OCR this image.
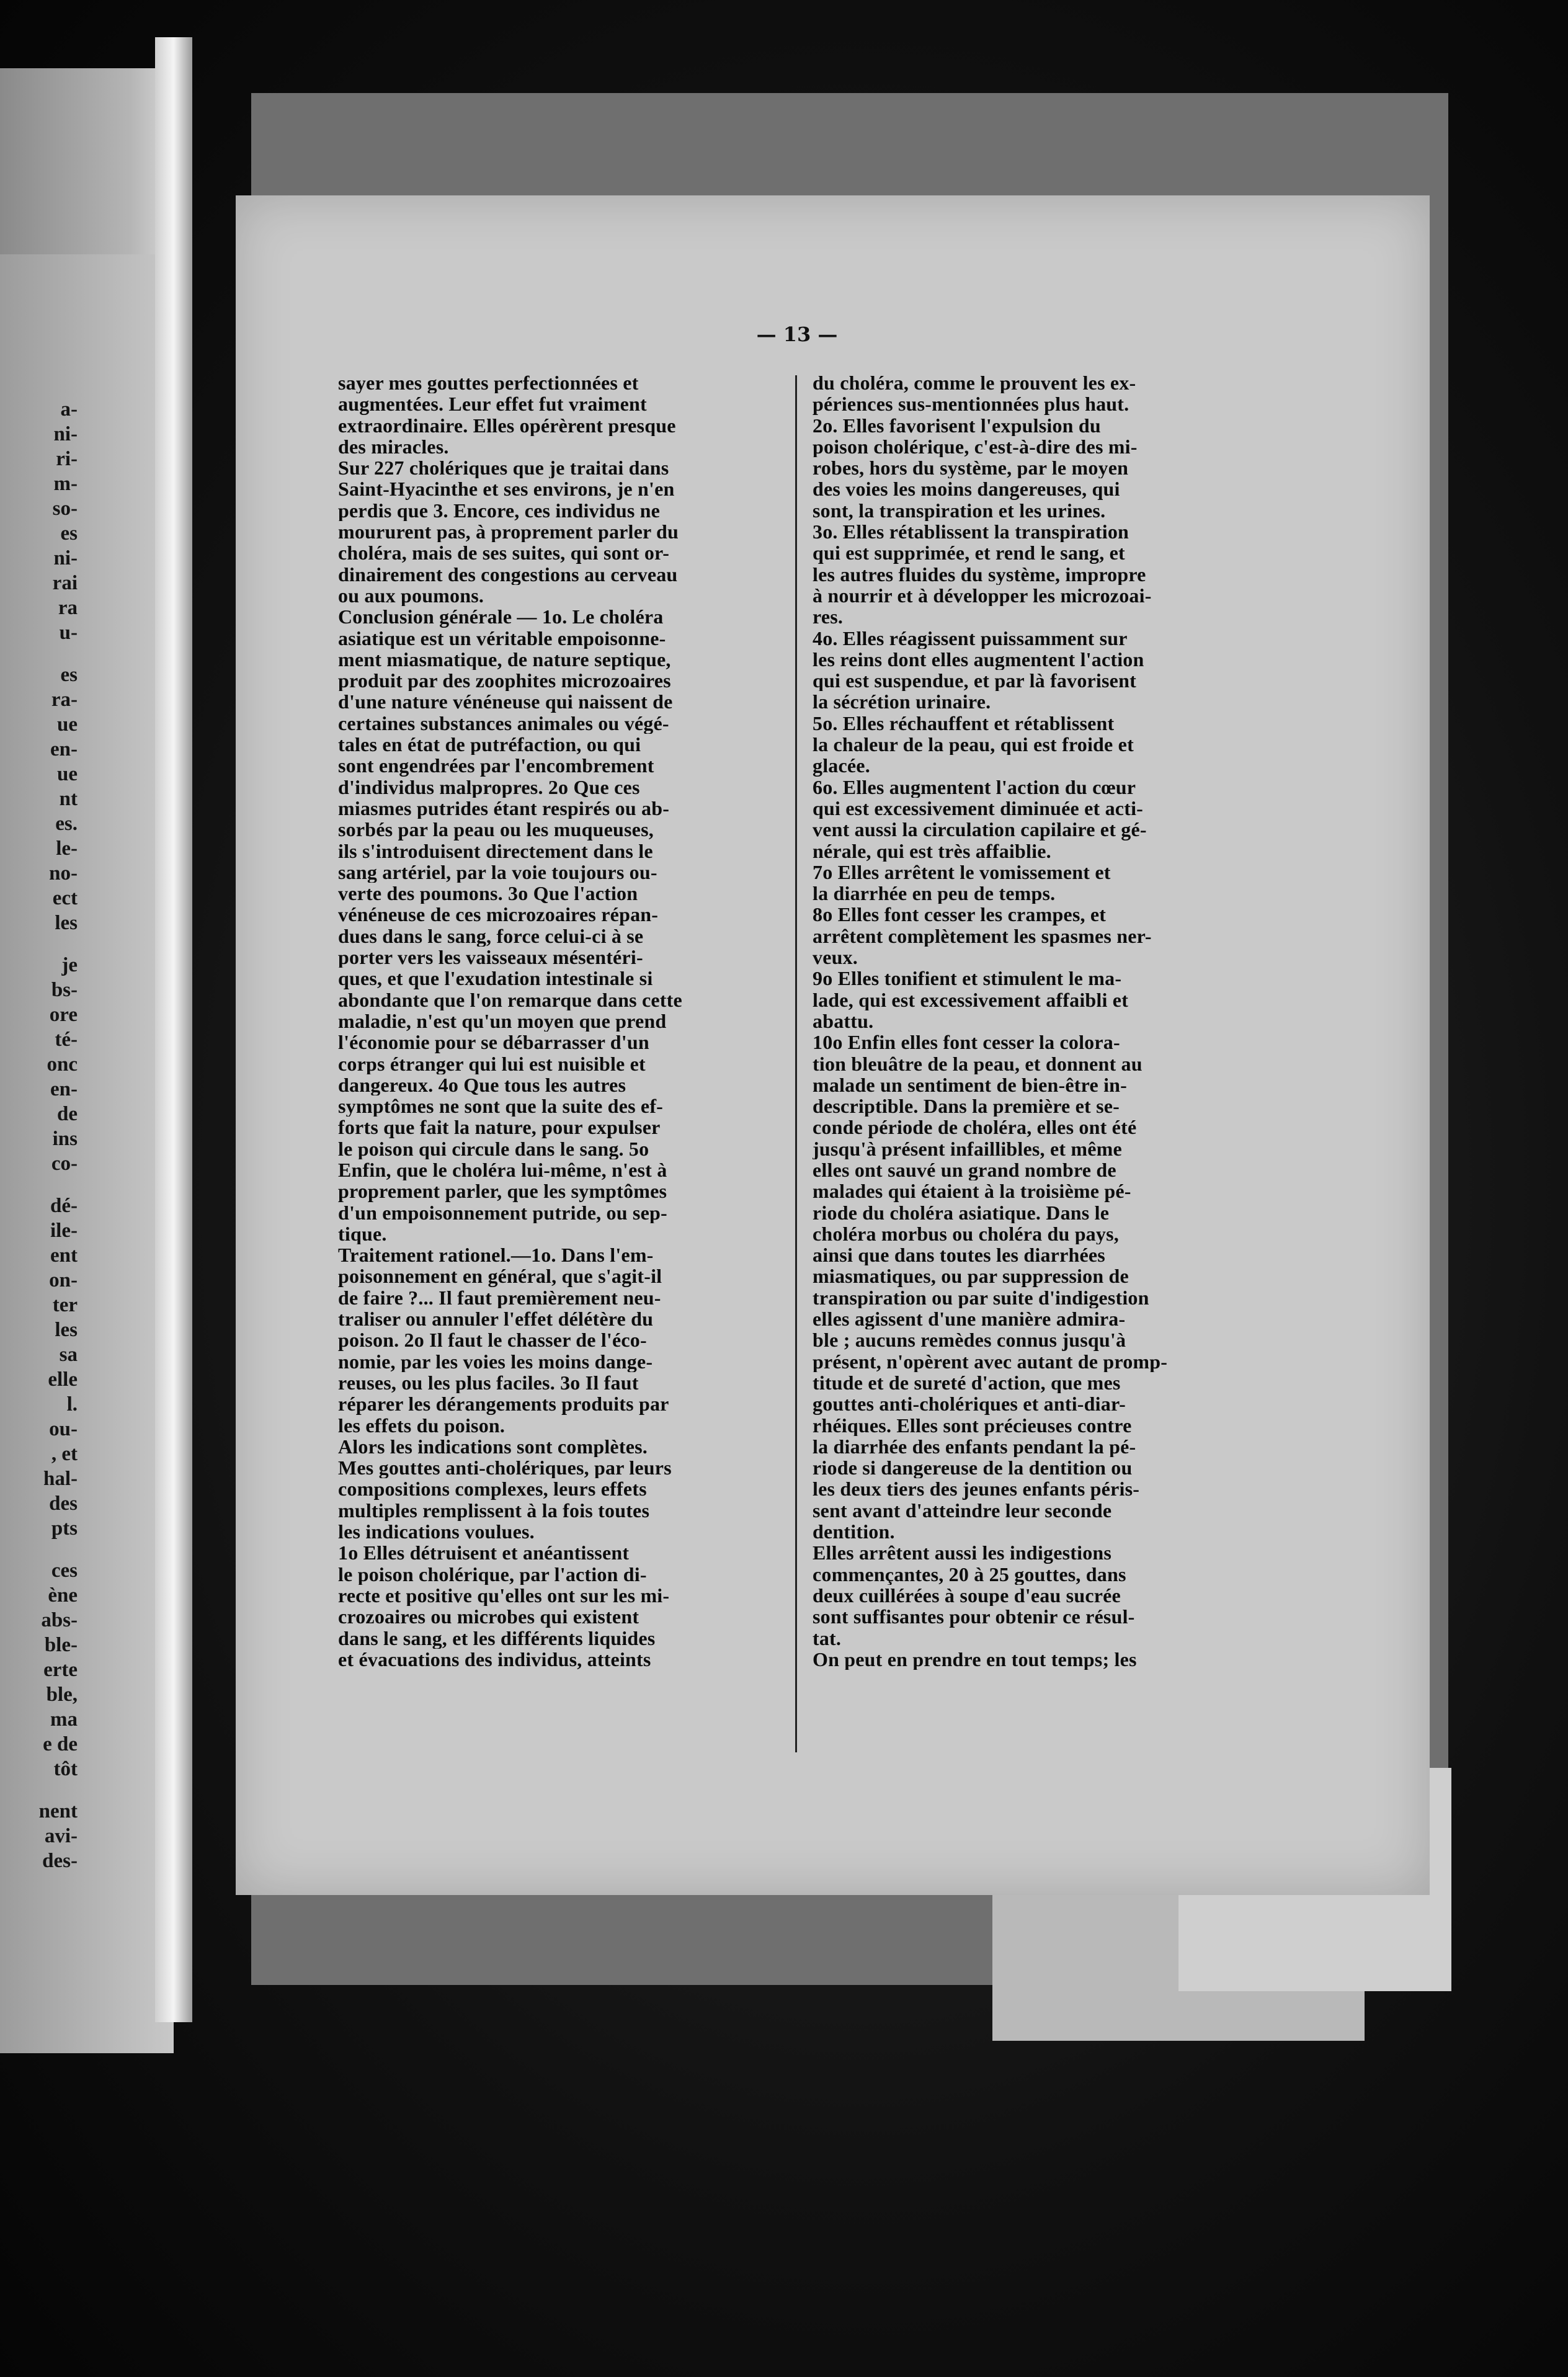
a-
ni-
ri-
m-
so-
es
ni-
rai
ra
u-
es
ra-
ue
en-
ue
nt
es.
le-
no-
ect
les
je
bs-
ore
té-
onc
en-
de
ins
co-
dé-
ile-
ent
on-
ter
les
sa
elle
l.
ou-
, et
hal-
des
pts
ces
ène
abs-
ble-
erte
ble,
ma
e de
tôt
nent
avi-
des-
— 13 —

sayer mes gouttes perfectionnées et

augmentées. Leur effet fut vraiment

extraordinaire. Elles opérèrent presque

des miracles.

Sur 227 cholériques que je traitai dans

Saint-Hyacinthe et ses environs, je n'en

perdis que 3. Encore, ces individus ne

moururent pas, à proprement parler du

choléra, mais de ses suites, qui sont or-

dinairement des congestions au cerveau

ou aux poumons.

Conclusion générale — 1o. Le choléra

asiatique est un véritable empoisonne-

ment miasmatique, de nature septique,

produit par des zoophites microzoaires

d'une nature vénéneuse qui naissent de

certaines substances animales ou végé-

tales en état de putréfaction, ou qui

sont engendrées par l'encombrement

d'individus malpropres. 2o Que ces

miasmes putrides étant respirés ou ab-

sorbés par la peau ou les muqueuses,

ils s'introduisent directement dans le

sang artériel, par la voie toujours ou-

verte des poumons. 3o Que l'action

vénéneuse de ces microzoaires répan-

dues dans le sang, force celui-ci à se

porter vers les vaisseaux mésentéri-

ques, et que l'exudation intestinale si

abondante que l'on remarque dans cette

maladie, n'est qu'un moyen que prend

l'économie pour se débarrasser d'un

corps étranger qui lui est nuisible et

dangereux. 4o Que tous les autres

symptômes ne sont que la suite des ef-

forts que fait la nature, pour expulser

le poison qui circule dans le sang. 5o

Enfin, que le choléra lui-même, n'est à

proprement parler, que les symptômes

d'un empoisonnement putride, ou sep-

tique.

Traitement rationel.—1o. Dans l'em-

poisonnement en général, que s'agit-il

de faire ?... Il faut premièrement neu-

traliser ou annuler l'effet délétère du

poison. 2o Il faut le chasser de l'éco-

nomie, par les voies les moins dange-

reuses, ou les plus faciles. 3o Il faut

réparer les dérangements produits par

les effets du poison.

Alors les indications sont complètes.

Mes gouttes anti-cholériques, par leurs

compositions complexes, leurs effets

multiples remplissent à la fois toutes

les indications voulues.

1o Elles détruisent et anéantissent

le poison cholérique, par l'action di-

recte et positive qu'elles ont sur les mi-

crozoaires ou microbes qui existent

dans le sang, et les différents liquides

et évacuations des individus, atteints

du choléra, comme le prouvent les ex-

périences sus-mentionnées plus haut.

2o. Elles favorisent l'expulsion du

poison cholérique, c'est-à-dire des mi-

robes, hors du système, par le moyen

des voies les moins dangereuses, qui

sont, la transpiration et les urines.

3o. Elles rétablissent la transpiration

qui est supprimée, et rend le sang, et

les autres fluides du système, impropre

à nourrir et à développer les microzoai-

res.

4o. Elles réagissent puissamment sur

les reins dont elles augmentent l'action

qui est suspendue, et par là favorisent

la sécrétion urinaire.

5o. Elles réchauffent et rétablissent

la chaleur de la peau, qui est froide et

glacée.

6o. Elles augmentent l'action du cœur

qui est excessivement diminuée et acti-

vent aussi la circulation capilaire et gé-

nérale, qui est très affaiblie.

7o Elles arrêtent le vomissement et

la diarrhée en peu de temps.

8o Elles font cesser les crampes, et

arrêtent complètement les spasmes ner-

veux.

9o Elles tonifient et stimulent le ma-

lade, qui est excessivement affaibli et

abattu.

10o Enfin elles font cesser la colora-

tion bleuâtre de la peau, et donnent au

malade un sentiment de bien-être in-

descriptible. Dans la première et se-

conde période de choléra, elles ont été

jusqu'à présent infaillibles, et même

elles ont sauvé un grand nombre de

malades qui étaient à la troisième pé-

riode du choléra asiatique. Dans le

choléra morbus ou choléra du pays,

ainsi que dans toutes les diarrhées

miasmatiques, ou par suppression de

transpiration ou par suite d'indigestion

elles agissent d'une manière admira-

ble ; aucuns remèdes connus jusqu'à

présent, n'opèrent avec autant de promp-

titude et de sureté d'action, que mes

gouttes anti-cholériques et anti-diar-

rhéiques. Elles sont précieuses contre

la diarrhée des enfants pendant la pé-

riode si dangereuse de la dentition ou

les deux tiers des jeunes enfants péris-

sent avant d'atteindre leur seconde

dentition.

Elles arrêtent aussi les indigestions

commençantes, 20 à 25 gouttes, dans

deux cuillérées à soupe d'eau sucrée

sont suffisantes pour obtenir ce résul-

tat.

On peut en prendre en tout temps; les
